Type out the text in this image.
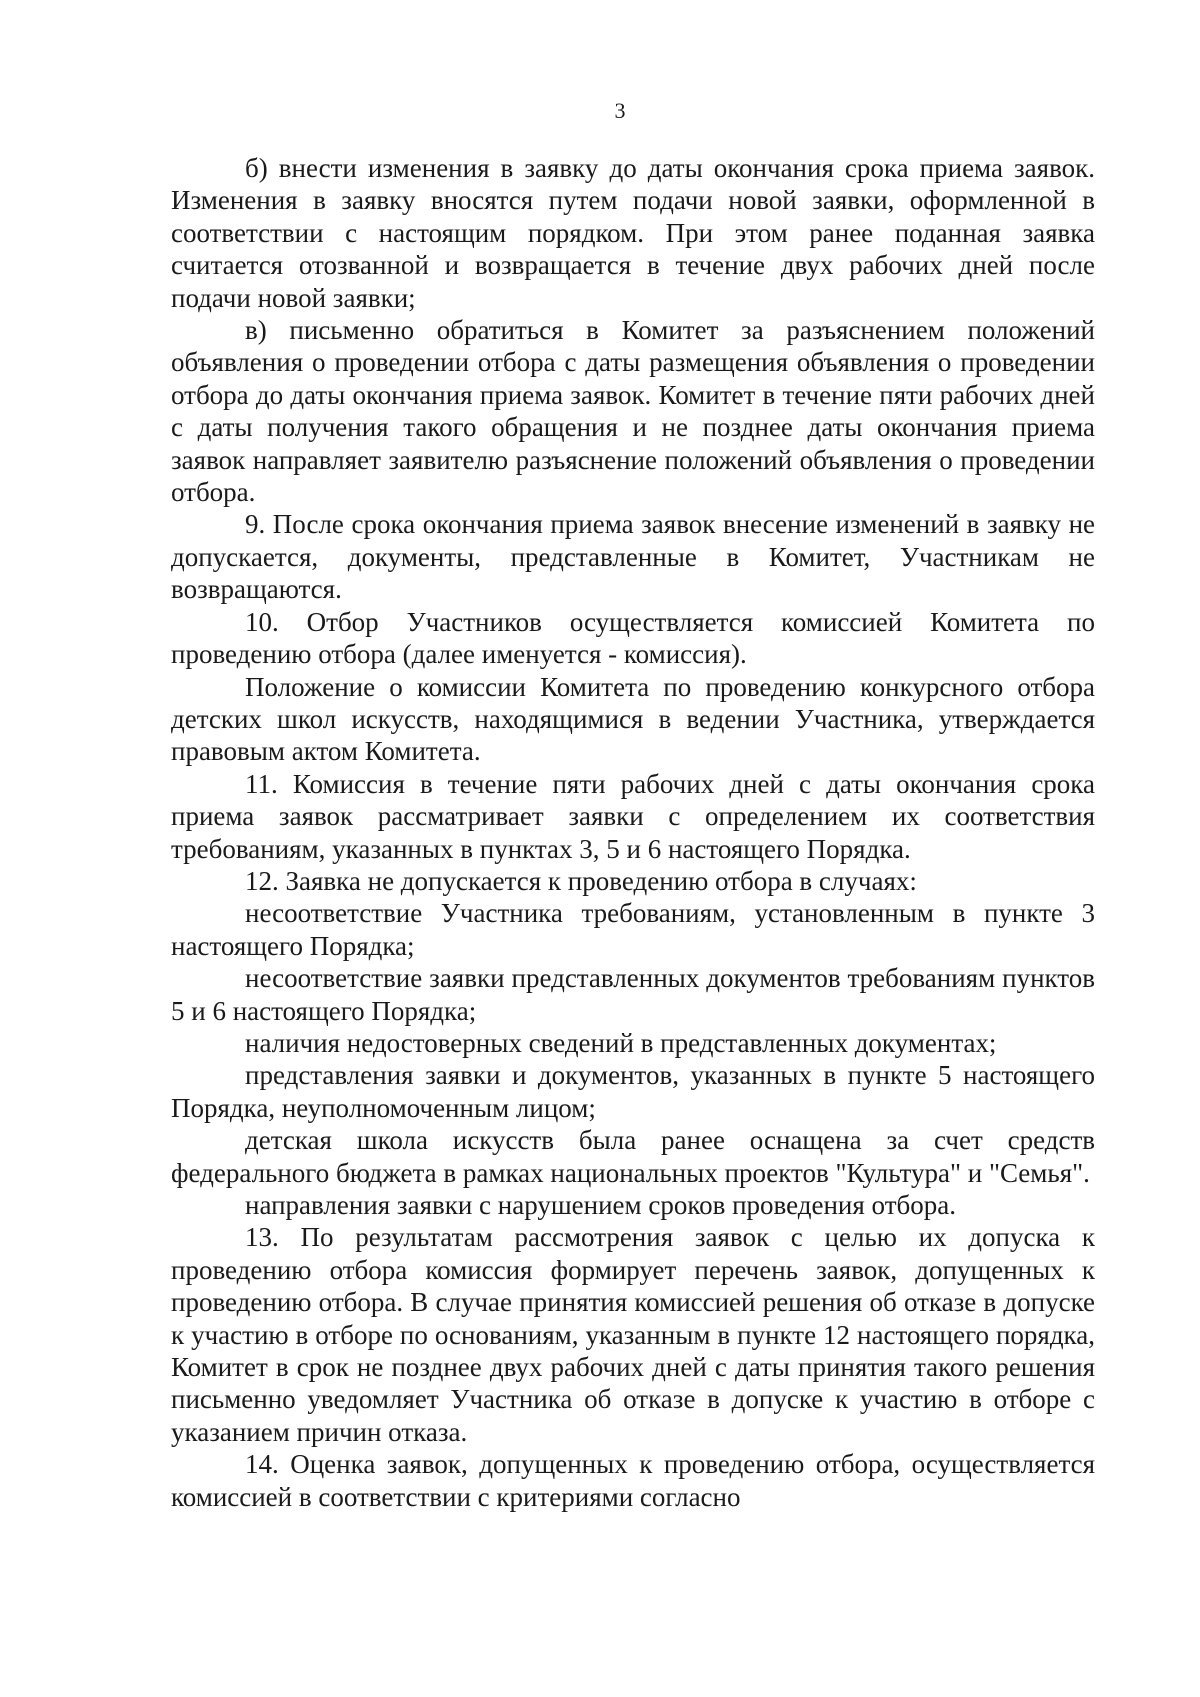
3

б) внести изменения в заявку до даты окончания срока приема заявок. Изменения в заявку вносятся путем подачи новой заявки, оформленной в соответствии с настоящим порядком. При этом ранее поданная заявка считается отозванной и возвращается в течение двух рабочих дней после подачи новой заявки;

в) письменно обратиться в Комитет за разъяснением положений объявления о проведении отбора с даты размещения объявления о проведении отбора до даты окончания приема заявок. Комитет в течение пяти рабочих дней с даты получения такого обращения и не позднее даты окончания приема заявок направляет заявителю разъяснение положений объявления о проведении отбора.

9. После срока окончания приема заявок внесение изменений в заявку не допускается, документы, представленные в Комитет, Участникам не возвращаются.

10. Отбор Участников осуществляется комиссией Комитета по проведению отбора (далее именуется - комиссия).

Положение о комиссии Комитета по проведению конкурсного отбора детских школ искусств, находящимися в ведении Участника, утверждается правовым актом Комитета.

11. Комиссия в течение пяти рабочих дней с даты окончания срока приема заявок рассматривает заявки с определением их соответствия требованиям, указанных в пунктах 3, 5 и 6 настоящего Порядка.

12. Заявка не допускается к проведению отбора в случаях:

несоответствие Участника требованиям, установленным в пункте 3 настоящего Порядка;

несоответствие заявки представленных документов требованиям пунктов 5 и 6 настоящего Порядка;

наличия недостоверных сведений в представленных документах;

представления заявки и документов, указанных в пункте 5 настоящего Порядка, неуполномоченным лицом;

детская школа искусств была ранее оснащена за счет средств федерального бюджета в рамках национальных проектов "Культура" и "Семья".

направления заявки с нарушением сроков проведения отбора.

13. По результатам рассмотрения заявок с целью их допуска к проведению отбора комиссия формирует перечень заявок, допущенных к проведению отбора. В случае принятия комиссией решения об отказе в допуске к участию в отборе по основаниям, указанным в пункте 12 настоящего порядка, Комитет в срок не позднее двух рабочих дней с даты принятия такого решения письменно уведомляет Участника об отказе в допуске к участию в отборе с указанием причин отказа.

14. Оценка заявок, допущенных к проведению отбора, осуществляется комиссией в соответствии с критериями согласно
